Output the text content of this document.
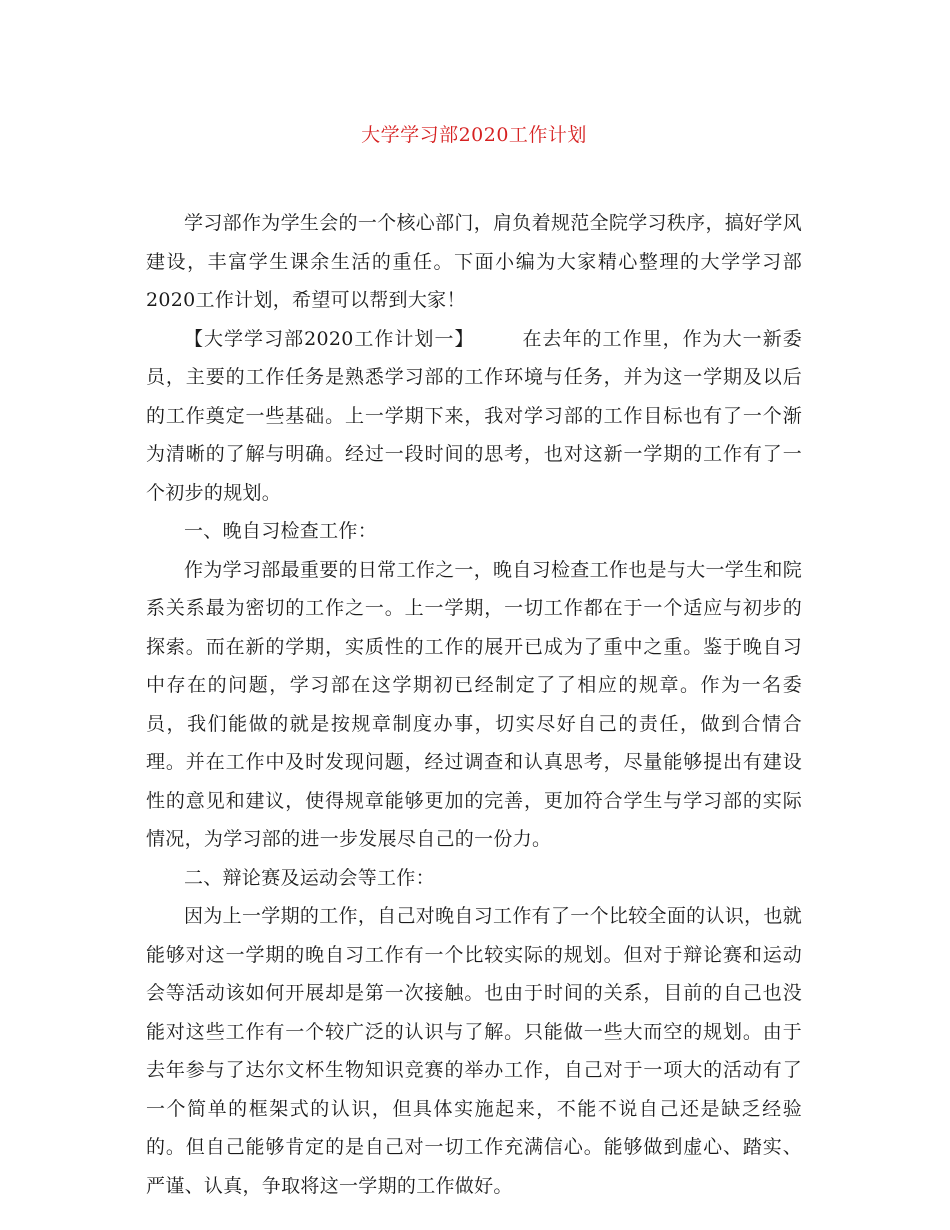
大学学习部2020工作计划

学习部作为学生会的一个核心部门，肩负着规范全院学习秩序，搞好学风建设，丰富学生课余生活的重任。下面小编为大家精心整理的大学学习部2020工作计划，希望可以帮到大家！

【大学学习部2020工作计划一】	在去年的工作里，作为大一新委员，主要的工作任务是熟悉学习部的工作环境与任务，并为这一学期及以后的工作奠定一些基础。上一学期下来，我对学习部的工作目标也有了一个渐为清晰的了解与明确。经过一段时间的思考，也对这新一学期的工作有了一个初步的规划。

一、晚自习检查工作：

作为学习部最重要的日常工作之一，晚自习检查工作也是与大一学生和院系关系最为密切的工作之一。上一学期，一切工作都在于一个适应与初步的探索。而在新的学期，实质性的工作的展开已成为了重中之重。鉴于晚自习中存在的问题，学习部在这学期初已经制定了了相应的规章。作为一名委员，我们能做的就是按规章制度办事，切实尽好自己的责任，做到合情合理。并在工作中及时发现问题，经过调查和认真思考，尽量能够提出有建设性的意见和建议，使得规章能够更加的完善，更加符合学生与学习部的实际情况，为学习部的进一步发展尽自己的一份力。

二、辩论赛及运动会等工作：

因为上一学期的工作，自己对晚自习工作有了一个比较全面的认识，也就能够对这一学期的晚自习工作有一个比较实际的规划。但对于辩论赛和运动会等活动该如何开展却是第一次接触。也由于时间的关系，目前的自己也没能对这些工作有一个较广泛的认识与了解。只能做一些大而空的规划。由于去年参与了达尔文杯生物知识竞赛的举办工作，自己对于一项大的活动有了一个简单的框架式的认识，但具体实施起来，不能不说自己还是缺乏经验的。但自己能够肯定的是自己对一切工作充满信心。能够做到虚心、踏实、严谨、认真，争取将这一学期的工作做好。
